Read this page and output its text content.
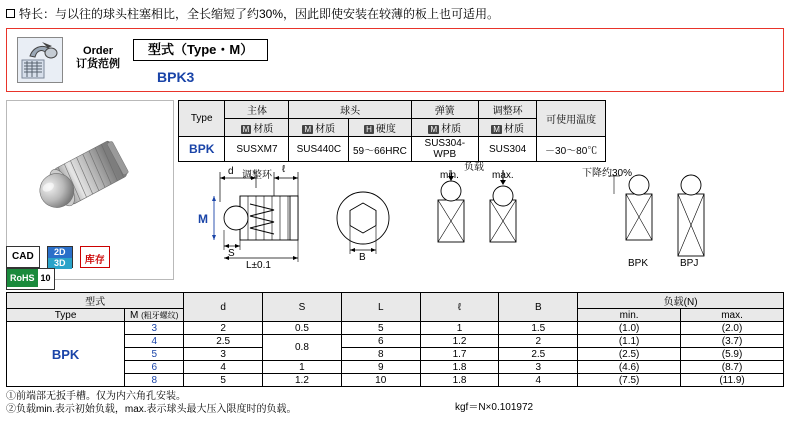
特长：与以往的球头柱塞相比，全长缩短了约30%，因此即使安装在较薄的板上也可适用。
Order
订货范例
型式（Type・M）
BPK3
CAD	2D
3D	库存 RoHS 10
Type	主体	球头		弹簧	调整环	可使用温度
	M 材质	M 材质	H 硬度	M 材质	M 材质	
BPK	SUSXM7	SUS440C	59～66HRC	SUS304-WPB	SUS304	－30～80℃
d 调整环
ℓ
M
S
L±0.1
B
负载
min.	max.	下降约30%
BPK	BPJ
型式		d	S	L	ℓ	B	负载(N)	
Type	M (粗牙螺纹)						min.	max.
BPK	3	2	0.5	5	1	1.5	(1.0)	(2.0)
	4	2.5	0.8	6	1.2	2	(1.1)	(3.7)
	5	3		8	1.7	2.5	(2.5)	(5.9)
	6	4	1	9	1.8	3	(4.6)	(8.7)
	8	5	1.2	10	1.8	4	(7.5)	(11.9)
①前端部无扳手槽。仅为内六角孔安装。
②负载min.表示初始负载，max.表示球头最大压入限度时的负载。	kgf＝N×0.101972
